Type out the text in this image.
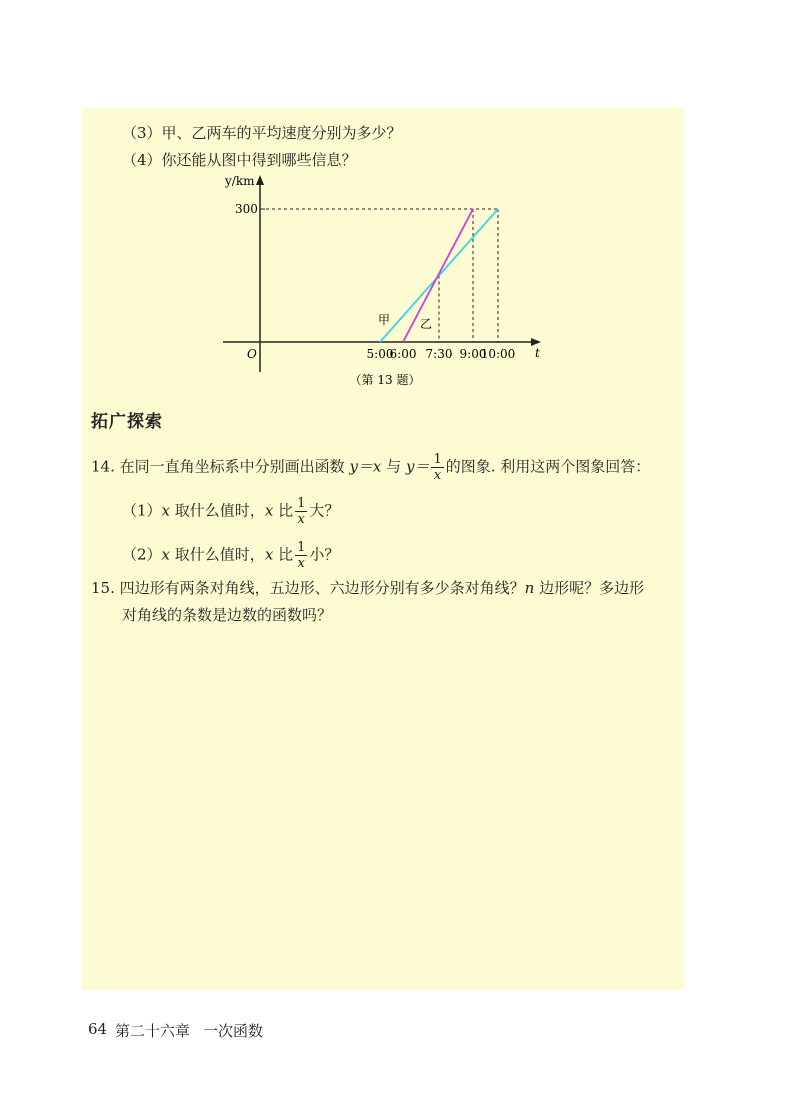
（3）甲、乙两车的平均速度分别为多少？
（4）你还能从图中得到哪些信息？
y/km
t
O
300
甲 乙
5:00
6:00 7:30 9:00
10:00
（第 13 题）
拓广探索
14. 在同一直角坐标系中分别画出函数 y＝x 与 $y= \frac{1}{x}$ 的图象. 利用这两个图象回答：
（1）x 取什么值时，x 比 $\frac{1}{x}$ 大？
（2）x 取什么值时，x 比 $\frac{1}{x}$ 小？
15. 四边形有两条对角线，五边形、六边形分别有多少条对角线？n 边形呢？多边形
对角线的条数是边数的函数吗？
64 第二十六章 一次函数
